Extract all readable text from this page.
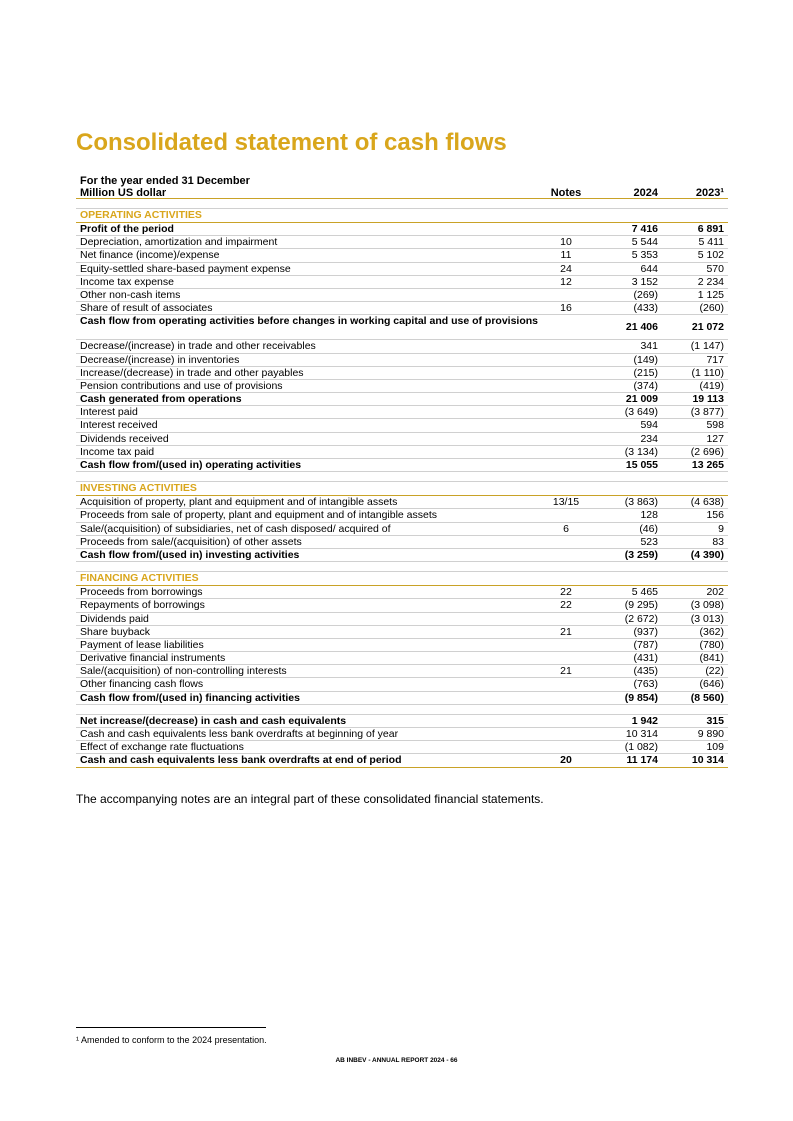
Consolidated statement of cash flows
For the year ended 31 December
Million US dollar	Notes	2024	2023¹
OPERATING ACTIVITIES
Profit of the period	7 416	6 891
Depreciation, amortization and impairment	10	5 544	5 411
Net finance (income)/expense	11	5 353	5 102
Equity-settled share-based payment expense	24	644	570
Income tax expense	12	3 152	2 234
Other non-cash items	(269)	1 125
Share of result of associates	16	(433)	(260)
Cash flow from operating activities before changes in working capital and use of provisions	21 406	21 072
Decrease/(increase) in trade and other receivables	341	(1 147)
Decrease/(increase) in inventories	(149)	717
Increase/(decrease) in trade and other payables	(215)	(1 110)
Pension contributions and use of provisions	(374)	(419)
Cash generated from operations	21 009	19 113
Interest paid	(3 649)	(3 877)
Interest received	594	598
Dividends received	234	127
Income tax paid	(3 134)	(2 696)
Cash flow from/(used in) operating activities	15 055	13 265
INVESTING ACTIVITIES
Acquisition of property, plant and equipment and of intangible assets	13/15	(3 863)	(4 638)
Proceeds from sale of property, plant and equipment and of intangible assets	128	156
Sale/(acquisition) of subsidiaries, net of cash disposed/ acquired of	6	(46)	9
Proceeds from sale/(acquisition) of other assets	523	83
Cash flow from/(used in) investing activities	(3 259)	(4 390)
FINANCING ACTIVITIES
Proceeds from borrowings	22	5 465	202
Repayments of borrowings	22	(9 295)	(3 098)
Dividends paid	(2 672)	(3 013)
Share buyback	21	(937)	(362)
Payment of lease liabilities	(787)	(780)
Derivative financial instruments	(431)	(841)
Sale/(acquisition) of non-controlling interests	21	(435)	(22)
Other financing cash flows	(763)	(646)
Cash flow from/(used in) financing activities	(9 854)	(8 560)
Net increase/(decrease) in cash and cash equivalents	1 942	315
Cash and cash equivalents less bank overdrafts at beginning of year	10 314	9 890
Effect of exchange rate fluctuations	(1 082)	109
Cash and cash equivalents less bank overdrafts at end of period	20	11 174	10 314
The accompanying notes are an integral part of these consolidated financial statements.
¹ Amended to conform to the 2024 presentation.
AB INBEV - ANNUAL REPORT 2024 - 66
